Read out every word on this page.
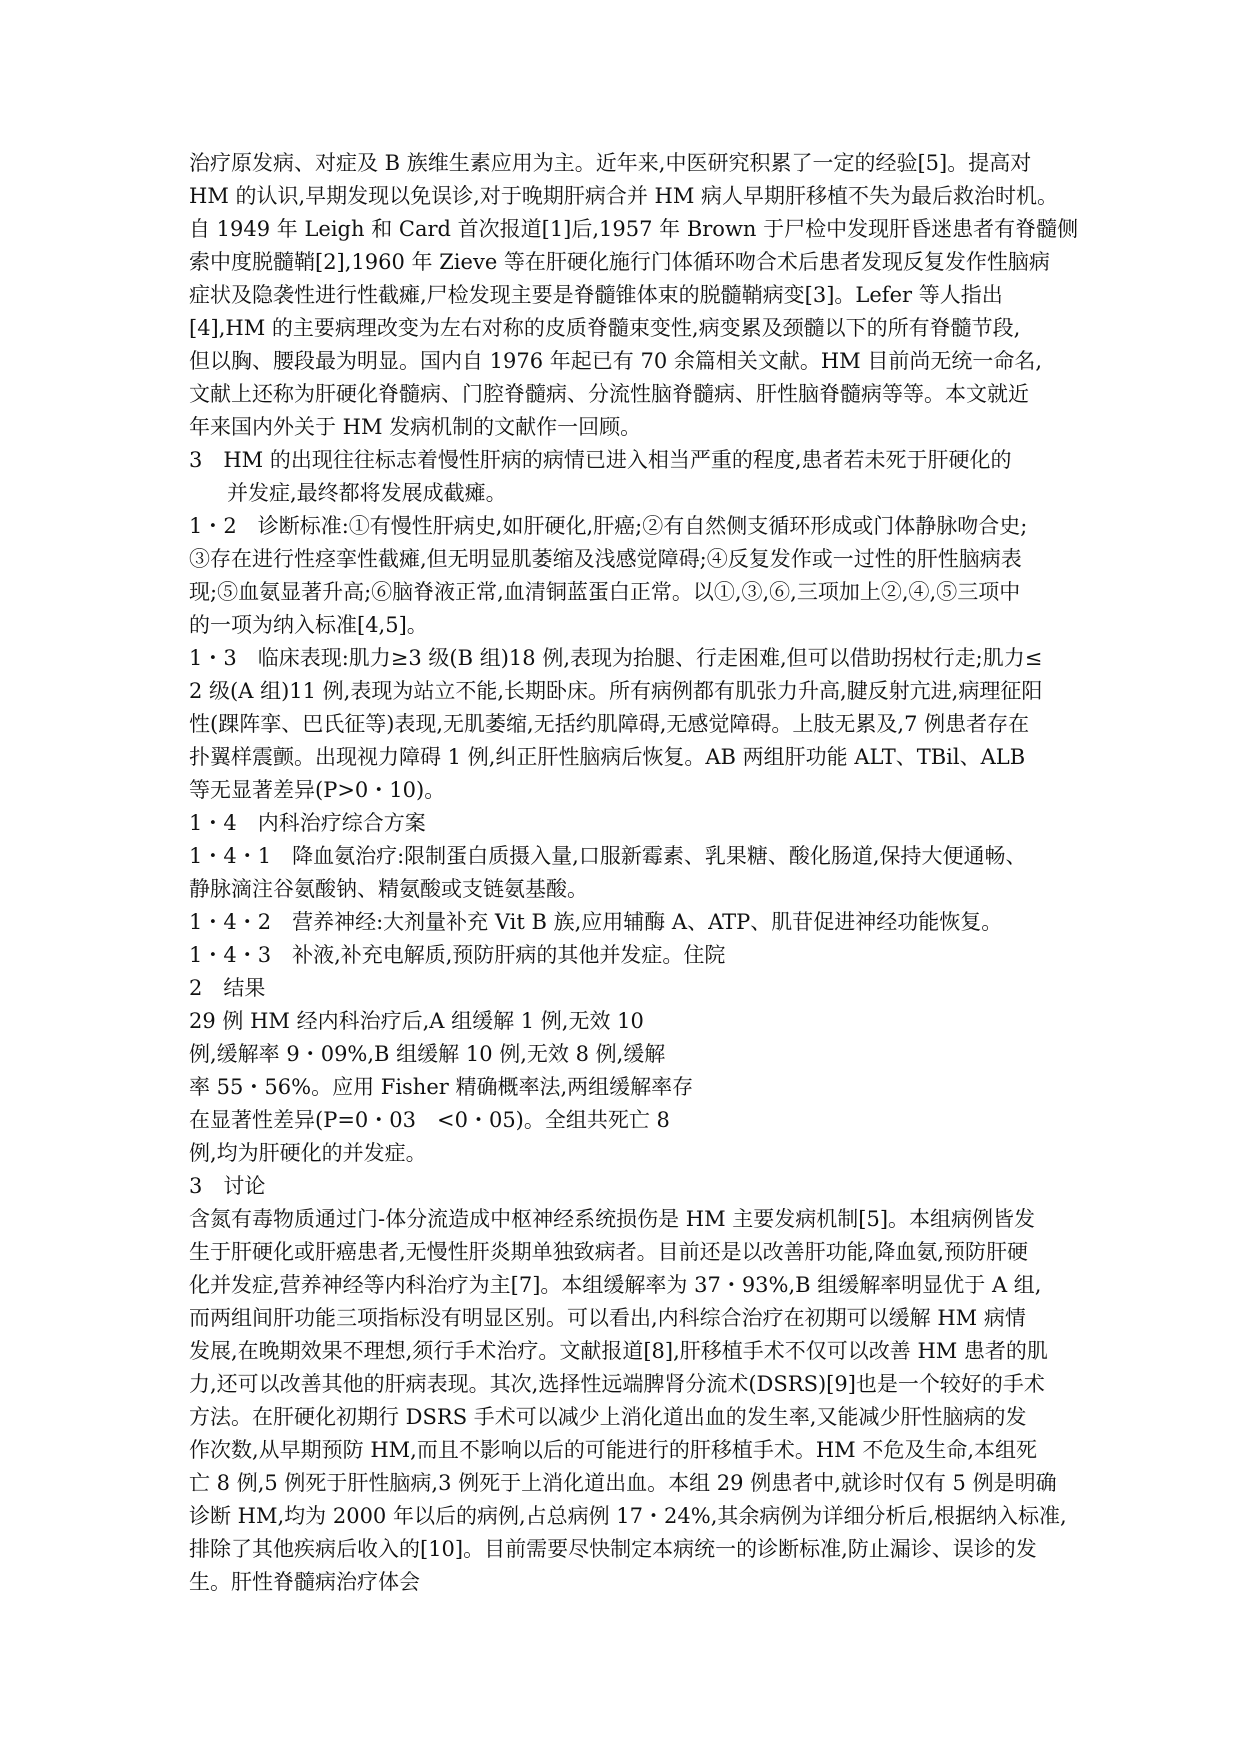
治疗原发病、对症及 B 族维生素应用为主。近年来,中医研究积累了一定的经验[5]。提高对
HM 的认识,早期发现以免误诊,对于晚期肝病合并 HM 病人早期肝移植不失为最后救治时机。
自 1949 年 Leigh 和 Card 首次报道[1]后,1957 年 Brown 于尸检中发现肝昏迷患者有脊髓侧
索中度脱髓鞘[2],1960 年 Zieve 等在肝硬化施行门体循环吻合术后患者发现反复发作性脑病
症状及隐袭性进行性截瘫,尸检发现主要是脊髓锥体束的脱髓鞘病变[3]。Lefer 等人指出
[4],HM 的主要病理改变为左右对称的皮质脊髓束变性,病变累及颈髓以下的所有脊髓节段,
但以胸、腰段最为明显。国内自 1976 年起已有 70 余篇相关文献。HM 目前尚无统一命名,
文献上还称为肝硬化脊髓病、门腔脊髓病、分流性脑脊髓病、肝性脑脊髓病等等。本文就近
年来国内外关于 HM 发病机制的文献作一回顾。
3　HM 的出现往往标志着慢性肝病的病情已进入相当严重的程度,患者若未死于肝硬化的
并发症,最终都将发展成截瘫。
1・2　诊断标准:①有慢性肝病史,如肝硬化,肝癌;②有自然侧支循环形成或门体静脉吻合史;
③存在进行性痉挛性截瘫,但无明显肌萎缩及浅感觉障碍;④反复发作或一过性的肝性脑病表
现;⑤血氨显著升高;⑥脑脊液正常,血清铜蓝蛋白正常。以①,③,⑥,三项加上②,④,⑤三项中
的一项为纳入标准[4,5]。
1・3　临床表现:肌力≥3 级(B 组)18 例,表现为抬腿、行走困难,但可以借助拐杖行走;肌力≤
2 级(A 组)11 例,表现为站立不能,长期卧床。所有病例都有肌张力升高,腱反射亢进,病理征阳
性(踝阵挛、巴氏征等)表现,无肌萎缩,无括约肌障碍,无感觉障碍。上肢无累及,7 例患者存在
扑翼样震颤。出现视力障碍 1 例,纠正肝性脑病后恢复。AB 两组肝功能 ALT、TBil、ALB
等无显著差异(P>0・10)。
1・4　内科治疗综合方案
1・4・1　降血氨治疗:限制蛋白质摄入量,口服新霉素、乳果糖、酸化肠道,保持大便通畅、
静脉滴注谷氨酸钠、精氨酸或支链氨基酸。
1・4・2　营养神经:大剂量补充 Vit B 族,应用辅酶 A、ATP、肌苷促进神经功能恢复。
1・4・3　补液,补充电解质,预防肝病的其他并发症。住院
2　结果
29 例 HM 经内科治疗后,A 组缓解 1 例,无效 10
例,缓解率 9・09%,B 组缓解 10 例,无效 8 例,缓解
率 55・56%。应用 Fisher 精确概率法,两组缓解率存
在显著性差异(P=0・03　<0・05)。全组共死亡 8
例,均为肝硬化的并发症。
3　讨论
含氮有毒物质通过门-体分流造成中枢神经系统损伤是 HM 主要发病机制[5]。本组病例皆发
生于肝硬化或肝癌患者,无慢性肝炎期单独致病者。目前还是以改善肝功能,降血氨,预防肝硬
化并发症,营养神经等内科治疗为主[7]。本组缓解率为 37・93%,B 组缓解率明显优于 A 组,
而两组间肝功能三项指标没有明显区别。可以看出,内科综合治疗在初期可以缓解 HM 病情
发展,在晚期效果不理想,须行手术治疗。文献报道[8],肝移植手术不仅可以改善 HM 患者的肌
力,还可以改善其他的肝病表现。其次,选择性远端脾肾分流术(DSRS)[9]也是一个较好的手术
方法。在肝硬化初期行 DSRS 手术可以减少上消化道出血的发生率,又能减少肝性脑病的发
作次数,从早期预防 HM,而且不影响以后的可能进行的肝移植手术。HM 不危及生命,本组死
亡 8 例,5 例死于肝性脑病,3 例死于上消化道出血。本组 29 例患者中,就诊时仅有 5 例是明确
诊断 HM,均为 2000 年以后的病例,占总病例 17・24%,其余病例为详细分析后,根据纳入标准,
排除了其他疾病后收入的[10]。目前需要尽快制定本病统一的诊断标准,防止漏诊、误诊的发
生。肝性脊髓病治疗体会
